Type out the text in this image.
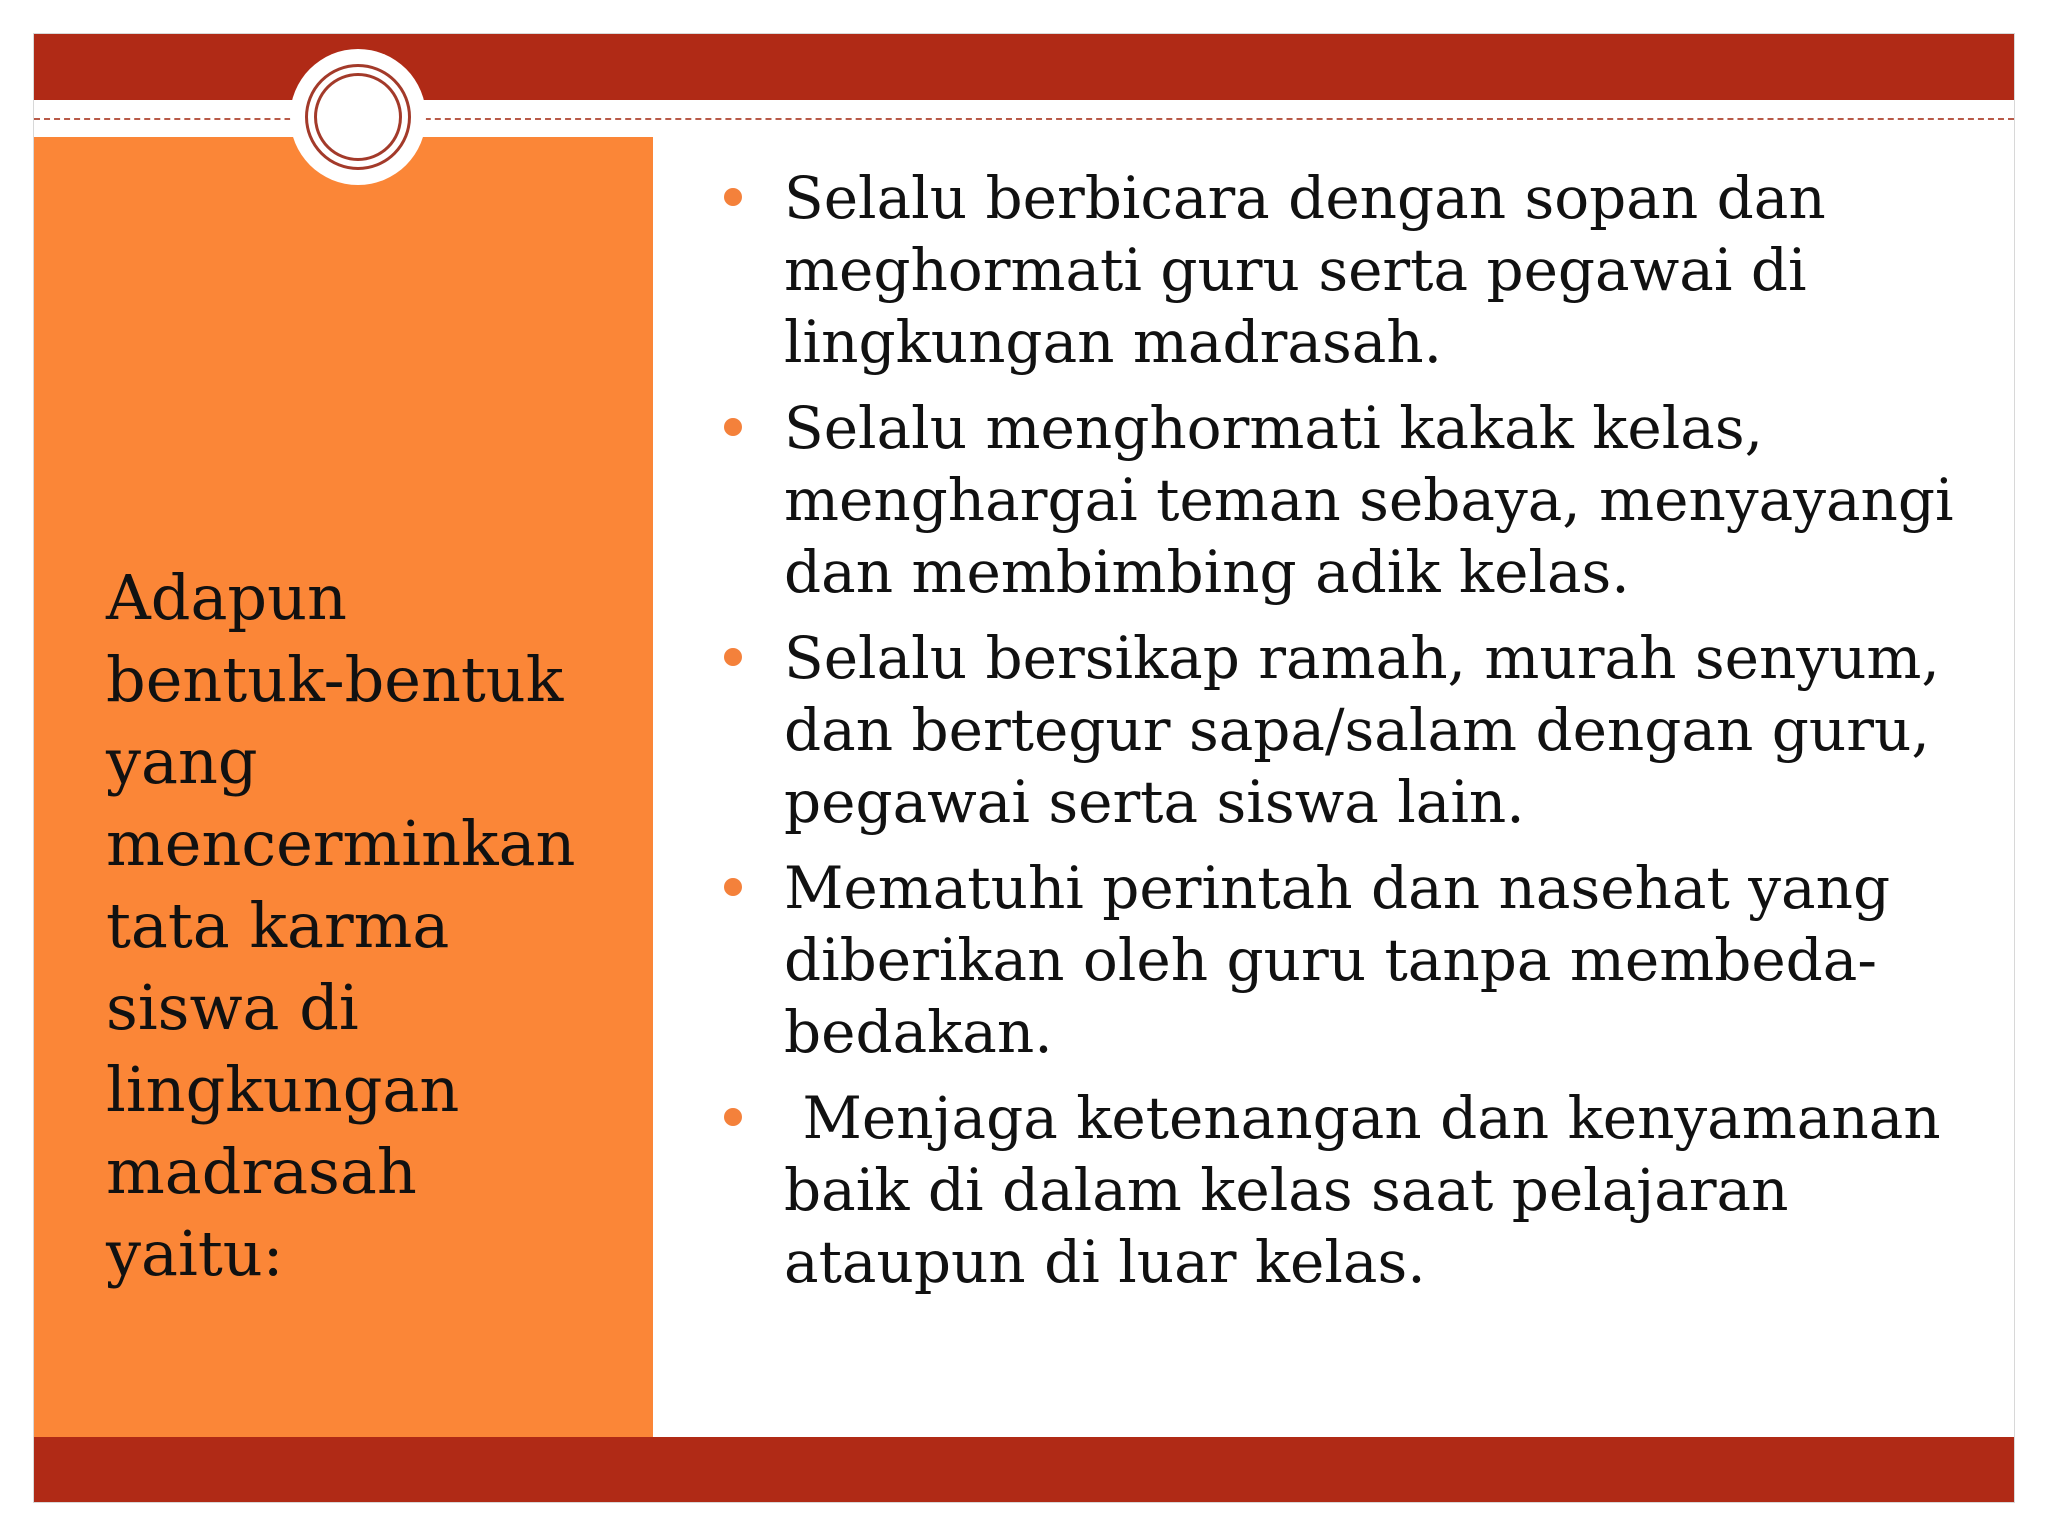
Adapun
bentuk-bentuk
yang
mencerminkan
tata karma
siswa di
lingkungan
madrasah
yaitu:

Selalu berbicara dengan sopan dan meghormati guru serta pegawai di lingkungan madrasah.
Selalu menghormati kakak kelas, menghargai teman sebaya, menyayangi dan membimbing adik kelas.
Selalu bersikap ramah, murah senyum, dan bertegur sapa/salam dengan guru, pegawai serta siswa lain.
Mematuhi perintah dan nasehat yang diberikan oleh guru tanpa membeda-bedakan.
Menjaga ketenangan dan kenyamanan baik di dalam kelas saat pelajaran ataupun di luar kelas.
